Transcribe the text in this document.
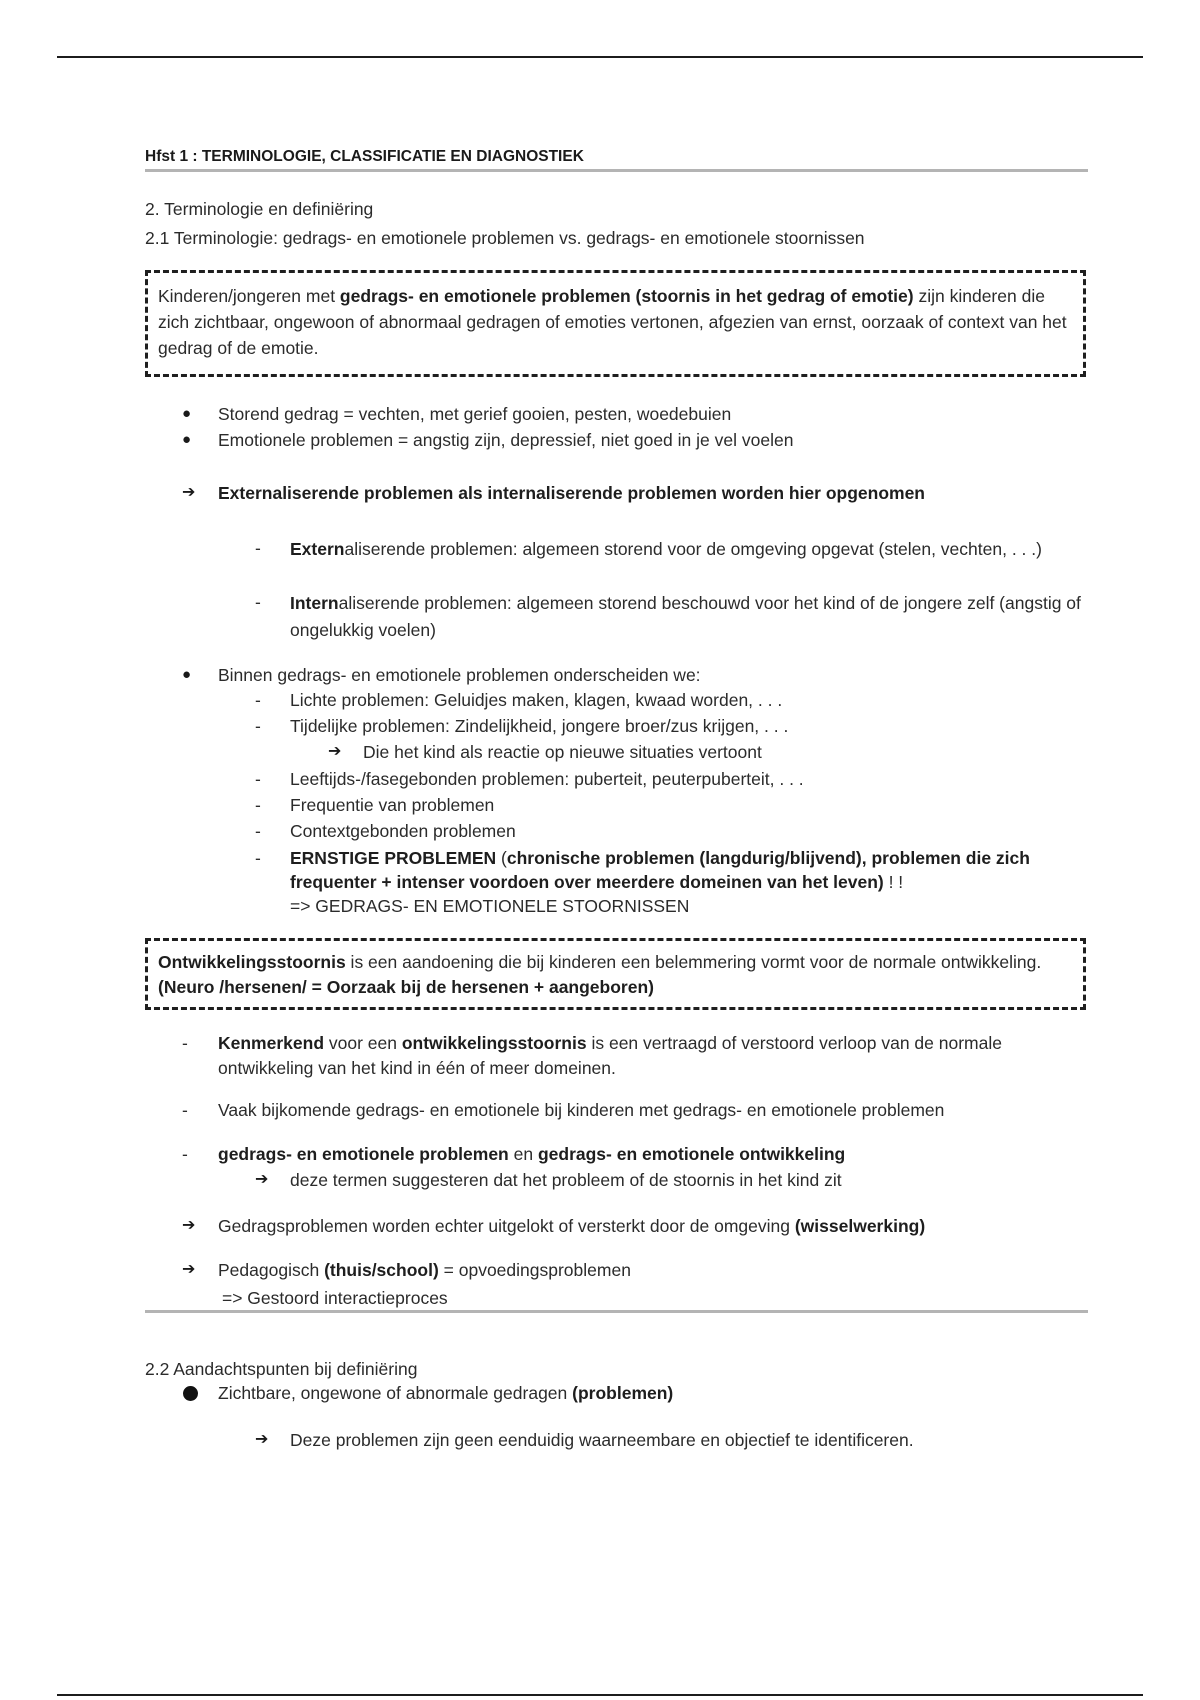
Hfst 1 : TERMINOLOGIE, CLASSIFICATIE EN DIAGNOSTIEK
2. Terminologie en definiëring
2.1 Terminologie: gedrags- en emotionele problemen vs. gedrags- en emotionele stoornissen
Kinderen/jongeren met gedrags- en emotionele problemen (stoornis in het gedrag of emotie) zijn kinderen die zich zichtbaar, ongewoon of abnormaal gedragen of emoties vertonen, afgezien van ernst, oorzaak of context van het gedrag of de emotie.
● Storend gedrag = vechten, met gerief gooien, pesten, woedebuien
● Emotionele problemen = angstig zijn, depressief, niet goed in je vel voelen
➔ Externaliserende problemen als internaliserende problemen worden hier opgenomen
- Externaliserende problemen: algemeen storend voor de omgeving opgevat (stelen, vechten, . . .)
- Internaliserende problemen: algemeen storend beschouwd voor het kind of de jongere zelf (angstig of ongelukkig voelen)
● Binnen gedrags- en emotionele problemen onderscheiden we:
- Lichte problemen: Geluidjes maken, klagen, kwaad worden, . . .
- Tijdelijke problemen: Zindelijkheid, jongere broer/zus krijgen, . . .
➔ Die het kind als reactie op nieuwe situaties vertoont
- Leeftijds-/fasegebonden problemen: puberteit, peuterpuberteit, . . .
- Frequentie van problemen
- Contextgebonden problemen
- ERNSTIGE PROBLEMEN (chronische problemen (langdurig/blijvend), problemen die zich frequenter + intenser voordoen over meerdere domeinen van het leven) ! !
=> GEDRAGS- EN EMOTIONELE STOORNISSEN
Ontwikkelingsstoornis is een aandoening die bij kinderen een belemmering vormt voor de normale ontwikkeling. (Neuro /hersenen/ = Oorzaak bij de hersenen + aangeboren)
- Kenmerkend voor een ontwikkelingsstoornis is een vertraagd of verstoord verloop van de normale ontwikkeling van het kind in één of meer domeinen.
- Vaak bijkomende gedrags- en emotionele bij kinderen met gedrags- en emotionele problemen
- gedrags- en emotionele problemen en gedrags- en emotionele ontwikkeling
➔ deze termen suggesteren dat het probleem of de stoornis in het kind zit
➔ Gedragsproblemen worden echter uitgelokt of versterkt door de omgeving (wisselwerking)
➔ Pedagogisch (thuis/school) = opvoedingsproblemen
=> Gestoord interactieproces
2.2 Aandachtspunten bij definiëring
Zichtbare, ongewone of abnormale gedragen (problemen)
➔ Deze problemen zijn geen eenduidig waarneembare en objectief te identificeren.
